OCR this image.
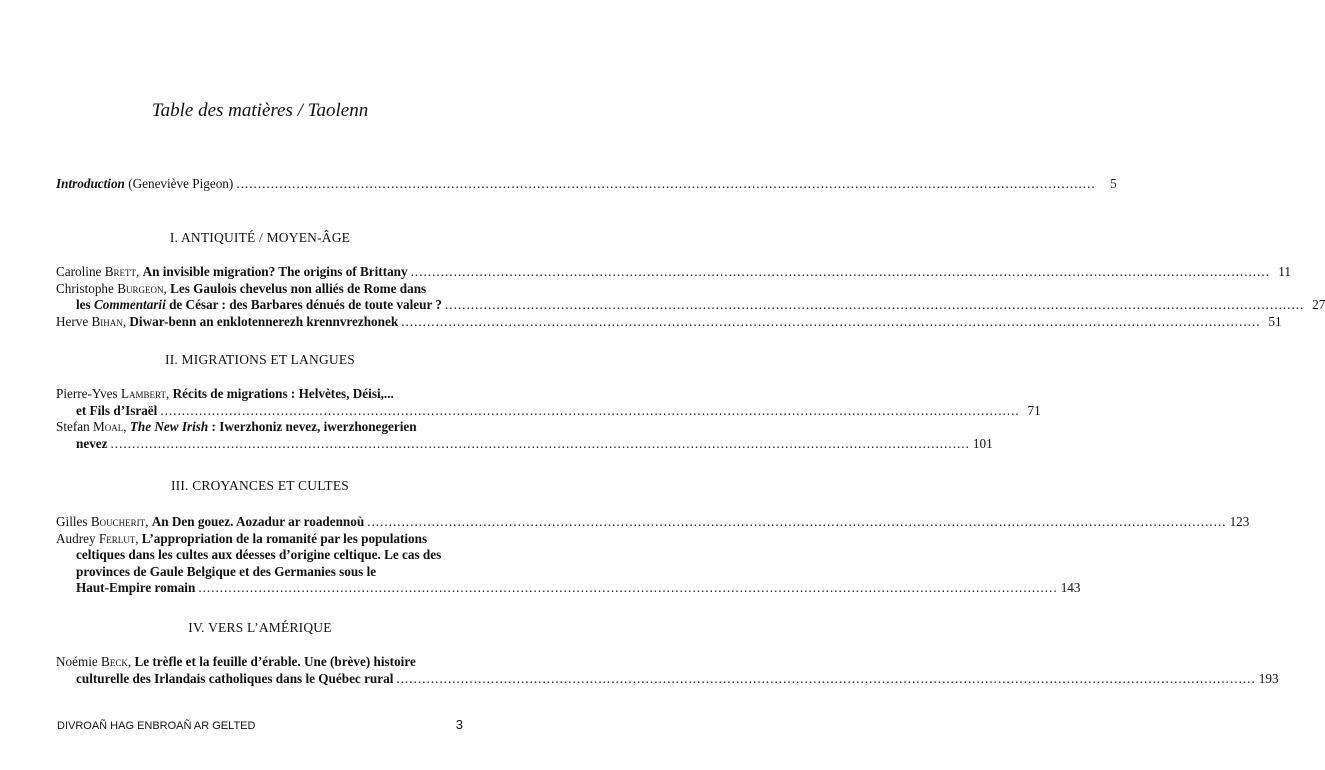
Table des matières / Taolenn
Introduction (Geneviève Pigeon) .....	5
I. ANTIQUITÉ / MOYEN-ÂGE
Caroline Brett, An invisible migration? The origins of Brittany .....	11
Christophe Burgeon, Les Gaulois chevelus non alliés de Rome dans
les Commentarii de César : des Barbares dénués de toute valeur ? .....	27
Herve Bihan, Diwar-benn an enklotennerezh krennvrezhonek .....	51
II. MIGRATIONS ET LANGUES
Pierre-Yves Lambert, Récits de migrations : Helvètes, Déisi,...
et Fils d’Israël .....	71
Stefan Moal, The New Irish : Iwerzhoniz nevez, iwerzhonegerien
nevez .....	101
III. CROYANCES ET CULTES
Gilles Boucherit, An Den gouez. Aozadur ar roadennoù .....	123
Audrey Ferlut, L’appropriation de la romanité par les populations
celtiques dans les cultes aux déesses d’origine celtique. Le cas des
provinces de Gaule Belgique et des Germanies sous le
Haut-Empire romain .....	143
IV. VERS L’AMÉRIQUE
Noémie Beck, Le trèfle et la feuille d’érable. Une (brève) histoire
culturelle des Irlandais catholiques dans le Québec rural .....	193
DIVROAÑ HAG ENBROAÑ AR GELTED	3
